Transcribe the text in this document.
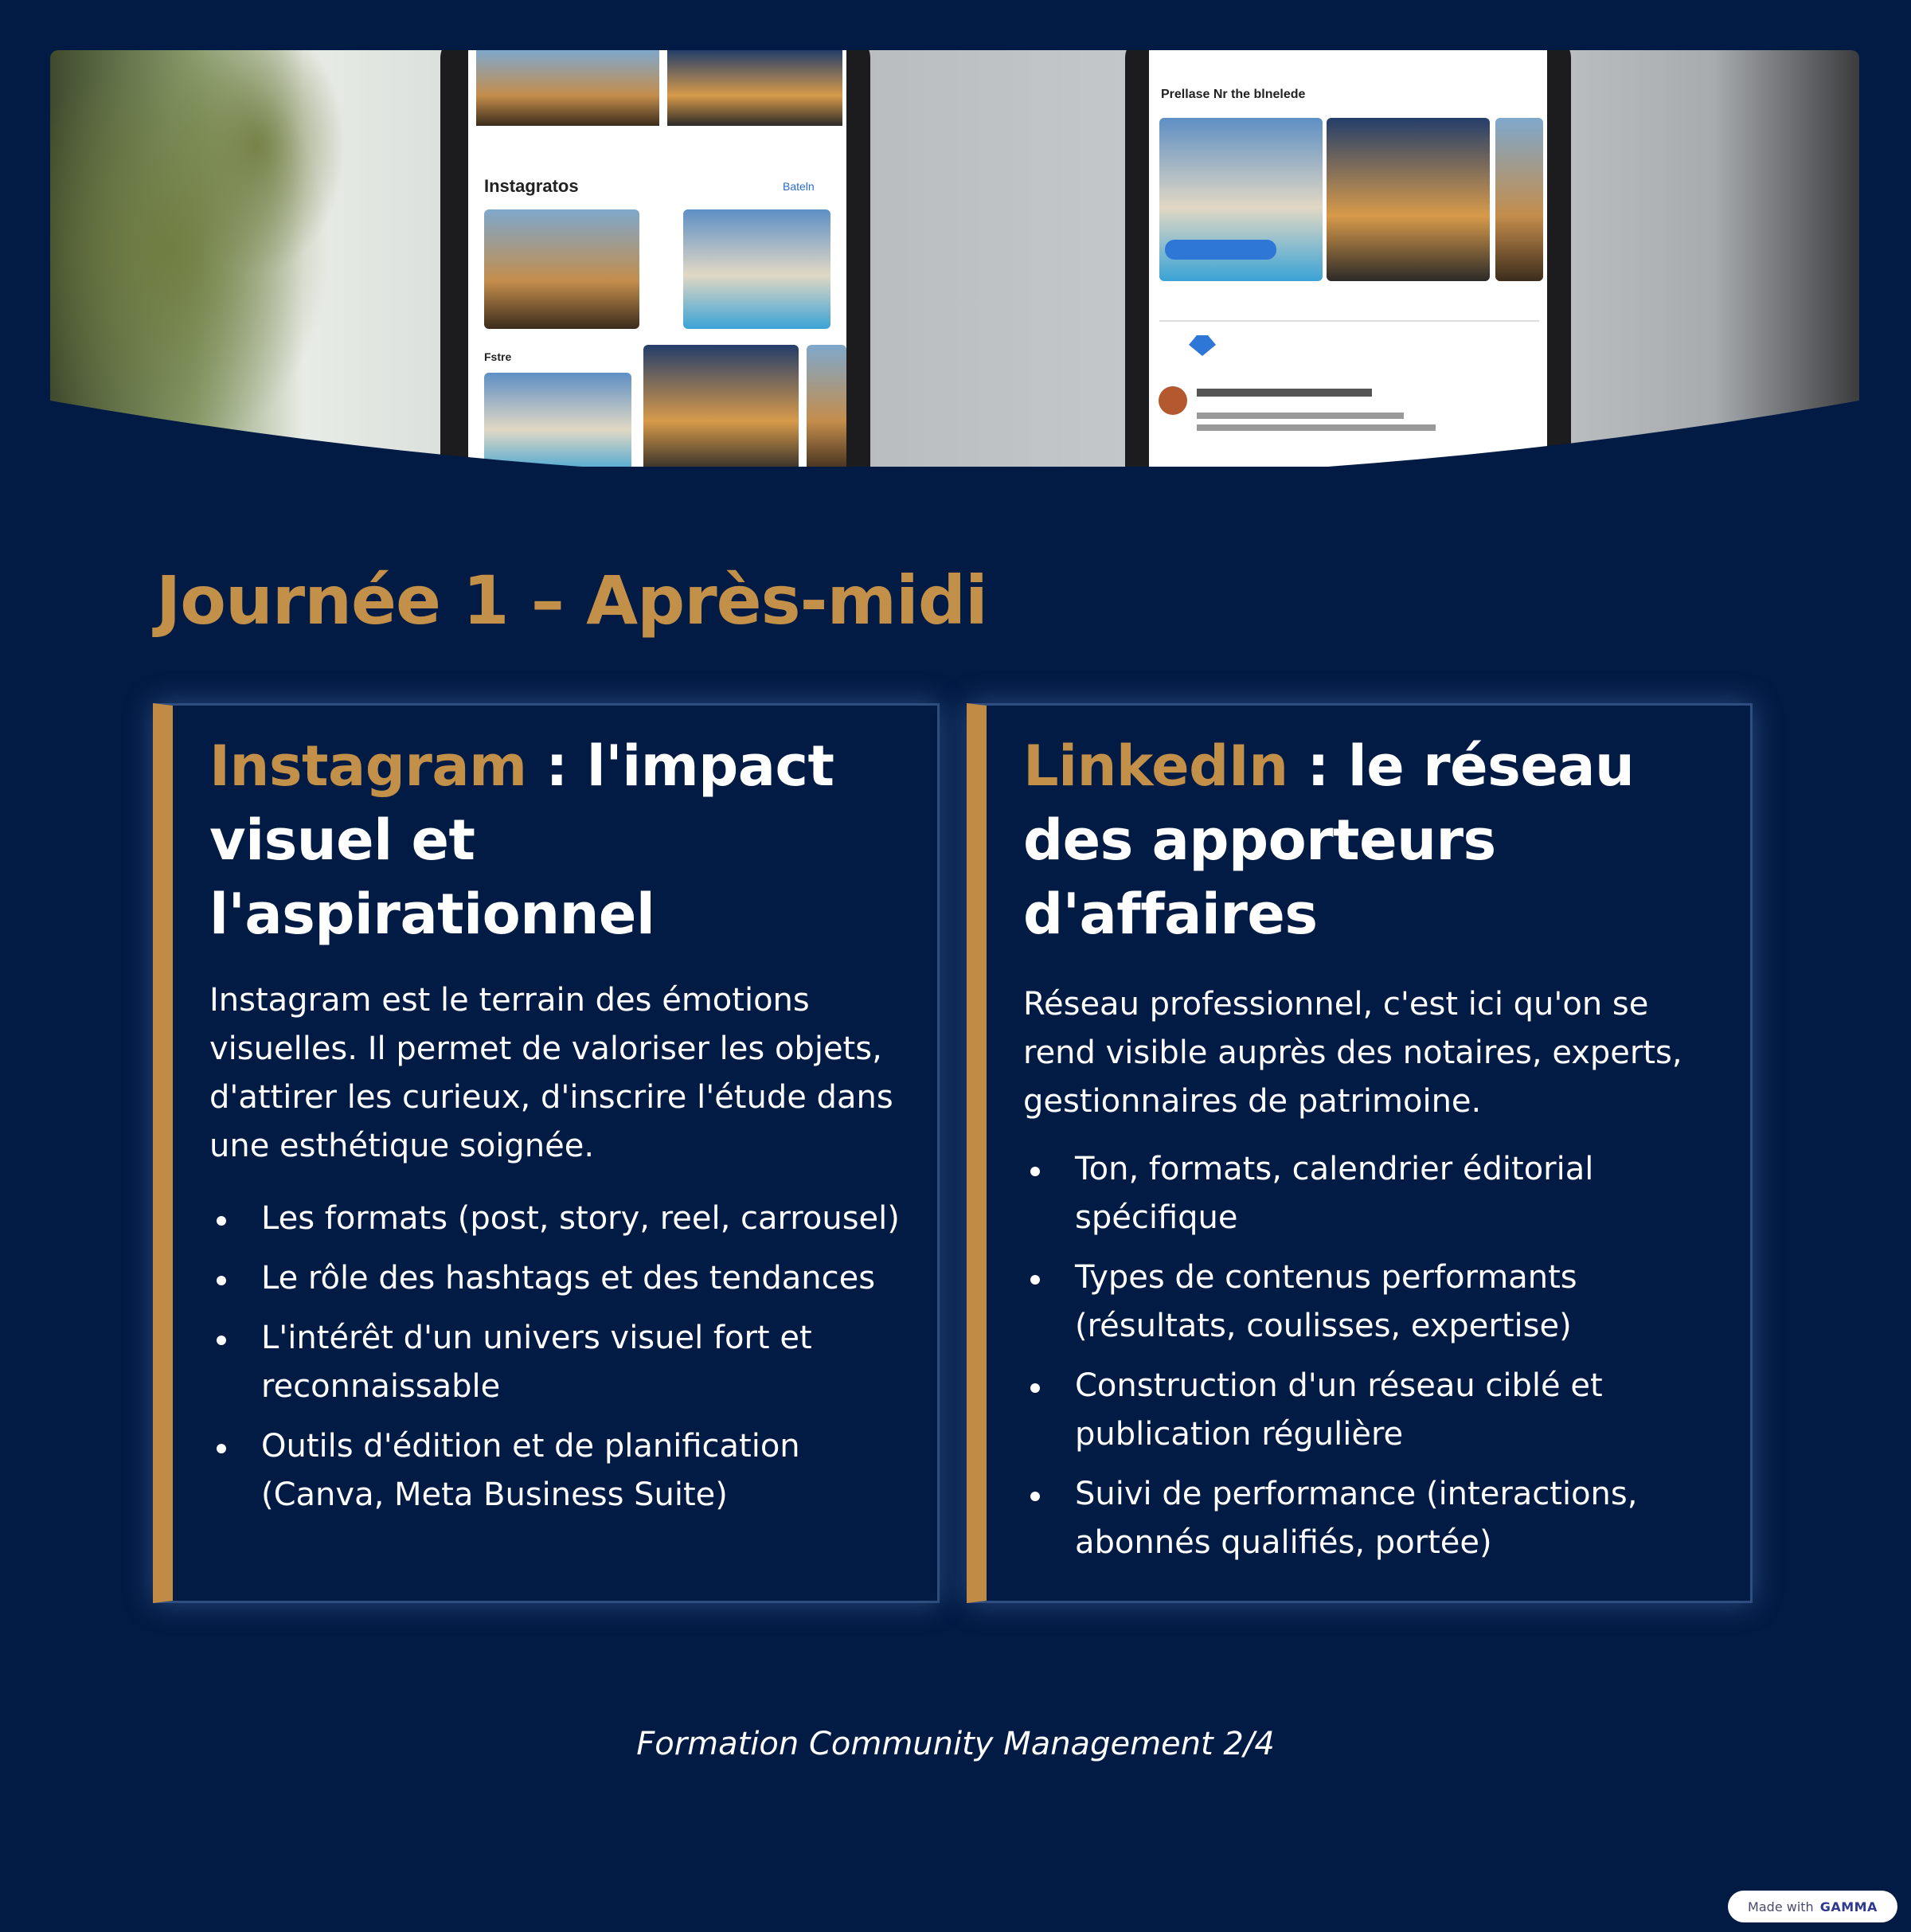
Instagratos	Bateln
Fstre
Prellase Nr the blnelede
Journée 1 – Après-midi
Instagram : l'impact visuel et l'aspirationnel

Instagram est le terrain des émotions visuelles. Il permet de valoriser les objets, d'attirer les curieux, d'inscrire l'étude dans une esthétique soignée.

Les formats (post, story, reel, carrousel)
Le rôle des hashtags et des tendances
L'intérêt d'un univers visuel fort et reconnaissable
Outils d'édition et de planification (Canva, Meta Business Suite)
LinkedIn : le réseau des apporteurs d'affaires

Réseau professionnel, c'est ici qu'on se rend visible auprès des notaires, experts, gestionnaires de patrimoine.

Ton, formats, calendrier éditorial spécifique
Types de contenus performants (résultats, coulisses, expertise)
Construction d'un réseau ciblé et publication régulière
Suivi de performance (interactions, abonnés qualifiés, portée)
Formation Community Management 2/4
Made with GAMMA
